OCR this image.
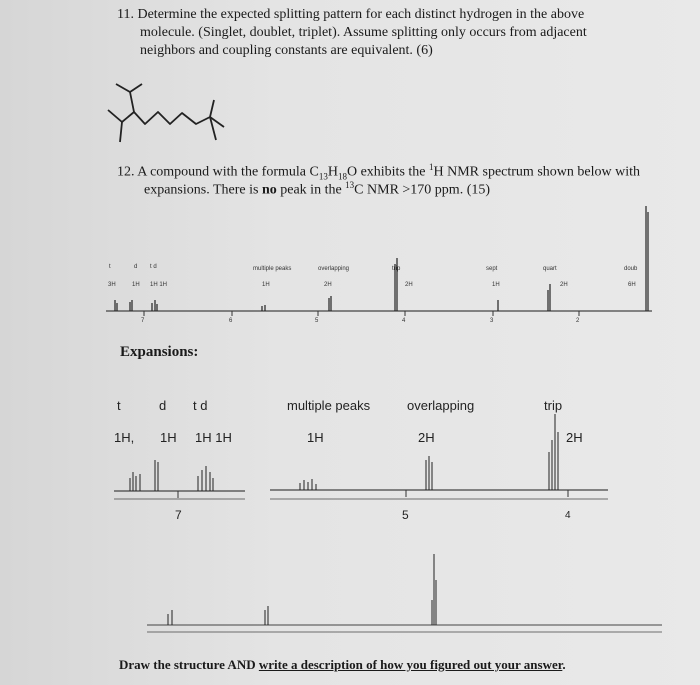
11. Determine the expected splitting pattern for each distinct hydrogen in the above
molecule. (Singlet, doublet, triplet). Assume splitting only occurs from adjacent
neighbors and coupling constants are equivalent. (6)
12. A compound with the formula $C_{13}H_{18}O$ exhibits the $^1$H NMR spectrum shown below with
expansions. There is no peak in the $^{13}$C NMR >170 ppm. (15)
t	d t d	multiple peaks	overlapping	trip	sept	quart	doub
3H	1H 1H 1H	1H	2H	2H	1H	2H	6H
7	6	5	4	3	2
Expansions:
t	d t d
1H, 1H 1H 1H
7
multiple peaks	overlapping	trip
1H	2H	2H
5	4
Draw the structure AND write a description of how you figured out your answer.
